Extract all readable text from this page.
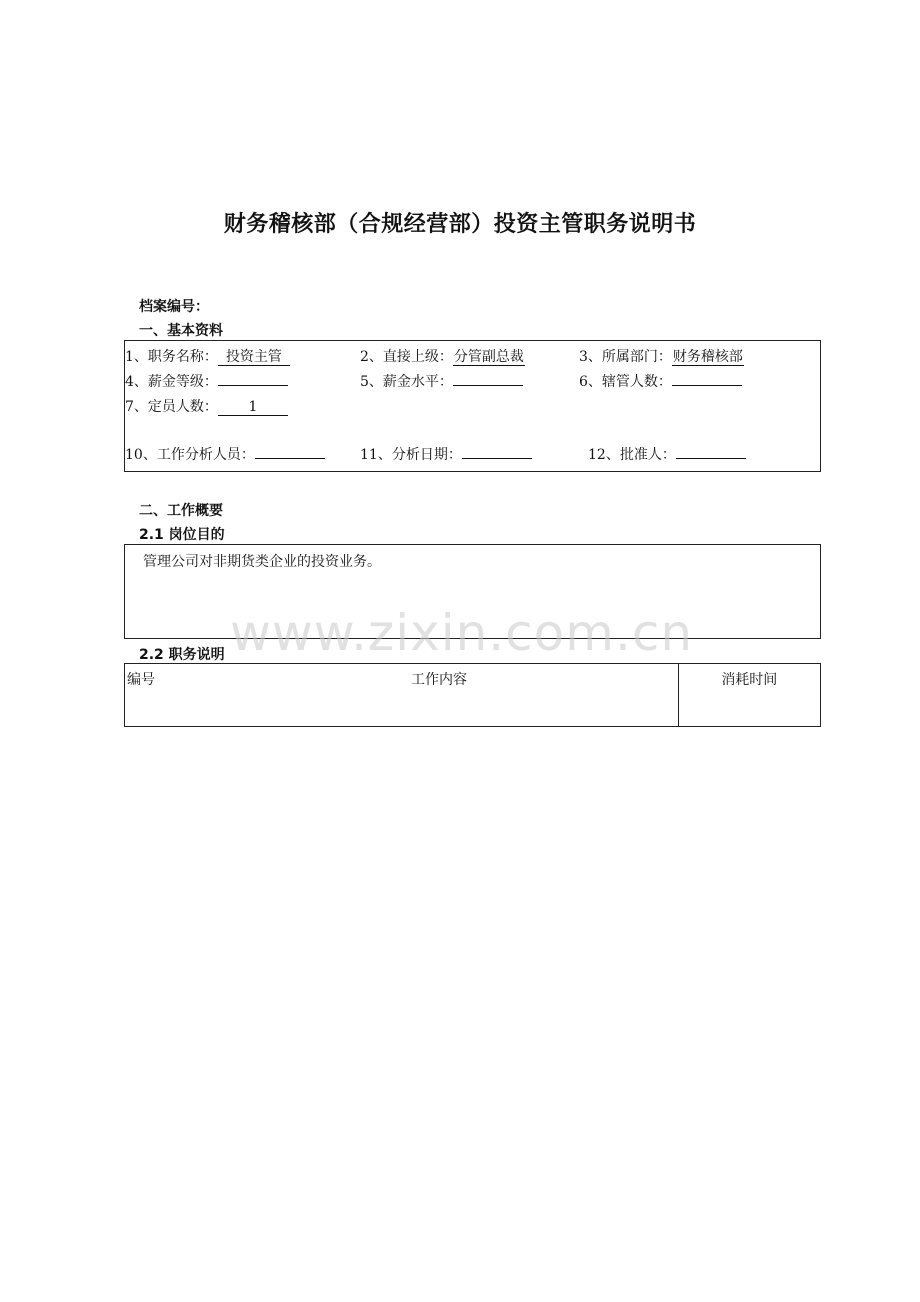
财务稽核部（合规经营部）投资主管职务说明书
档案编号：
一、基本资料
1、职务名称： 投资主管	2、直接上级：分管副总裁	3、所属部门：财务稽核部
4、薪金等级：	5、薪金水平：	6、辖管人数：
7、定员人数： 1
10、工作分析人员：	11、分析日期：	12、批准人：
二、工作概要
2.1 岗位目的
管理公司对非期货类企业的投资业务。
2.2 职务说明
编号	工作内容	消耗时间
www.zixin.com.cn
